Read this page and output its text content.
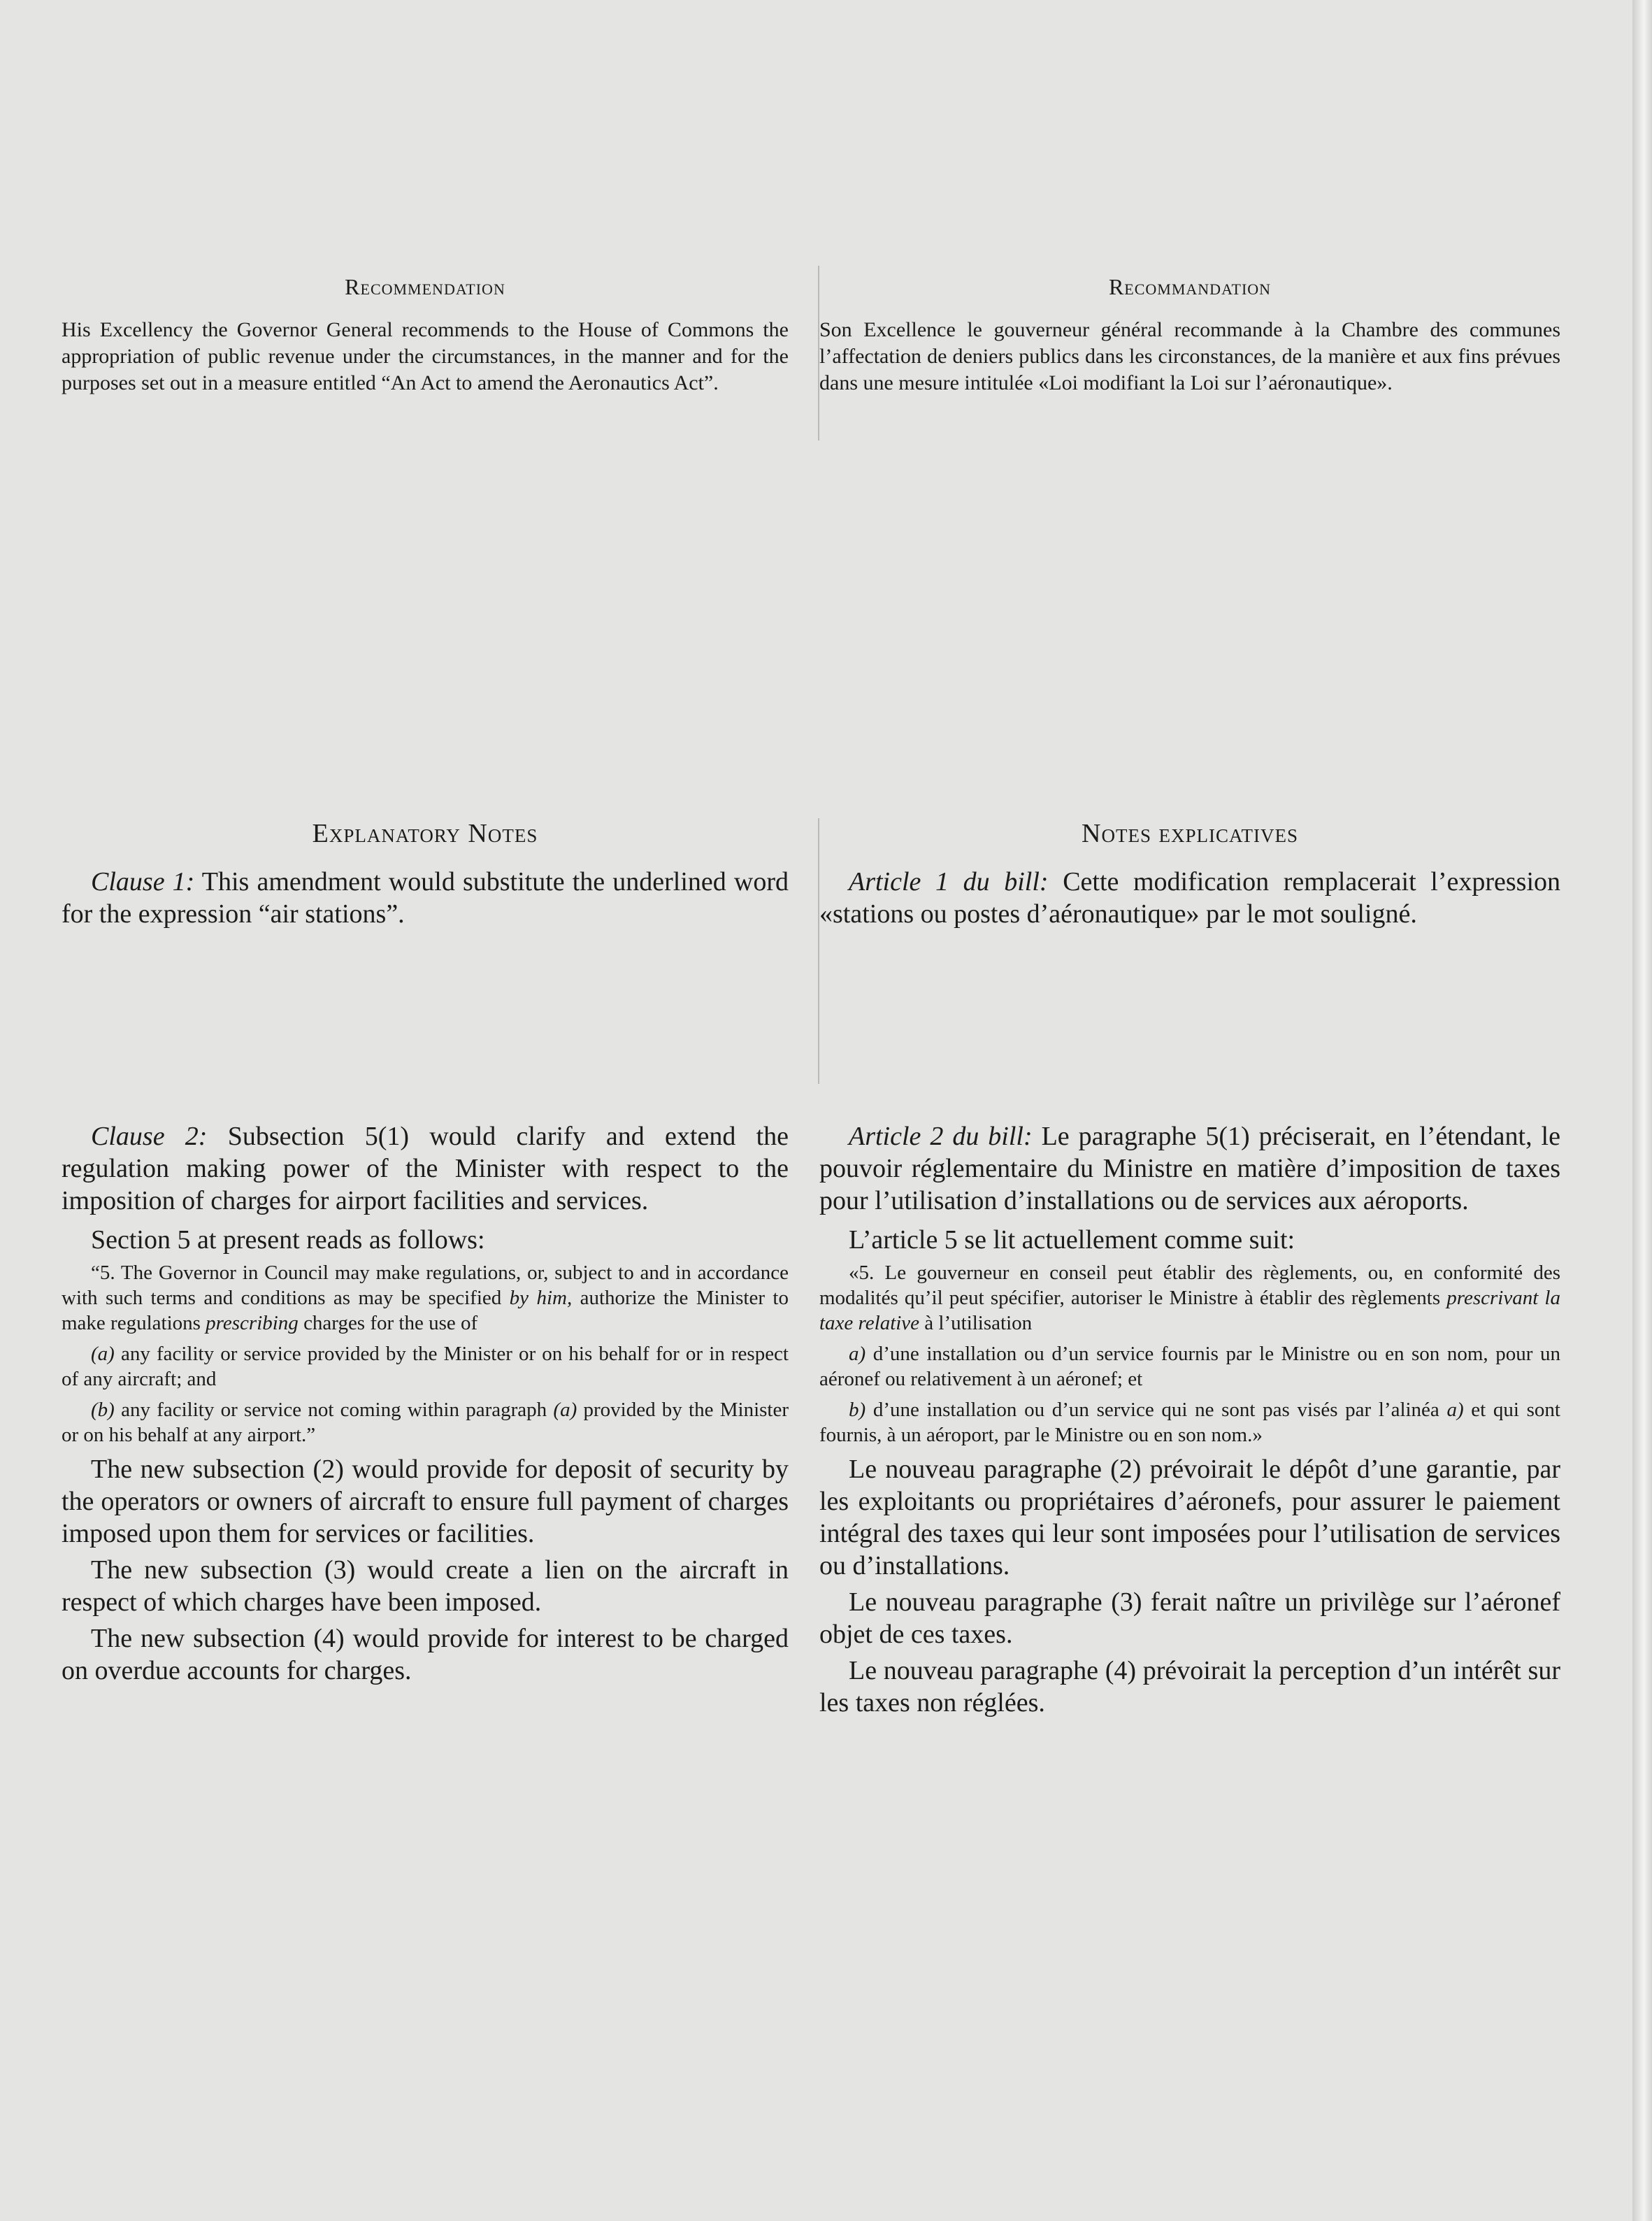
Recommendation

His Excellency the Governor General recommends to the House of Commons the appropriation of public revenue under the circumstances, in the manner and for the purposes set out in a measure entitled “An Act to amend the Aeronautics Act”.

Explanatory Notes

Clause 1: This amendment would substitute the underlined word for the expression “air stations”.

Clause 2: Subsection 5(1) would clarify and extend the regulation making power of the Minister with respect to the imposition of charges for airport facilities and services.

Section 5 at present reads as follows:

“5. The Governor in Council may make regulations, or, subject to and in accordance with such terms and conditions as may be specified by him, authorize the Minister to make regulations prescribing charges for the use of

(a) any facility or service provided by the Minister or on his behalf for or in respect of any aircraft; and

(b) any facility or service not coming within paragraph (a) provided by the Minister or on his behalf at any airport.”

The new subsection (2) would provide for deposit of security by the operators or owners of aircraft to ensure full payment of charges imposed upon them for services or facilities.

The new subsection (3) would create a lien on the aircraft in respect of which charges have been imposed.

The new subsection (4) would provide for interest to be charged on overdue accounts for charges.

Recommandation

Son Excellence le gouverneur général recommande à la Chambre des communes l’affectation de deniers publics dans les circonstances, de la manière et aux fins prévues dans une mesure intitulée «Loi modifiant la Loi sur l’aéronautique».

Notes explicatives

Article 1 du bill: Cette modification remplacerait l’expression «stations ou postes d’aéronautique» par le mot souligné.

Article 2 du bill: Le paragraphe 5(1) préciserait, en l’étendant, le pouvoir réglementaire du Ministre en matière d’imposition de taxes pour l’utilisation d’installations ou de services aux aéroports.

L’article 5 se lit actuellement comme suit:

«5. Le gouverneur en conseil peut établir des règlements, ou, en conformité des modalités qu’il peut spécifier, autoriser le Ministre à établir des règlements prescrivant la taxe relative à l’utilisation

a) d’une installation ou d’un service fournis par le Ministre ou en son nom, pour un aéronef ou relativement à un aéronef; et

b) d’une installation ou d’un service qui ne sont pas visés par l’alinéa a) et qui sont fournis, à un aéroport, par le Ministre ou en son nom.»

Le nouveau paragraphe (2) prévoirait le dépôt d’une garantie, par les exploitants ou propriétaires d’aéronefs, pour assurer le paiement intégral des taxes qui leur sont imposées pour l’utilisation de services ou d’installations.

Le nouveau paragraphe (3) ferait naître un privilège sur l’aéronef objet de ces taxes.

Le nouveau paragraphe (4) prévoirait la perception d’un intérêt sur les taxes non réglées.
